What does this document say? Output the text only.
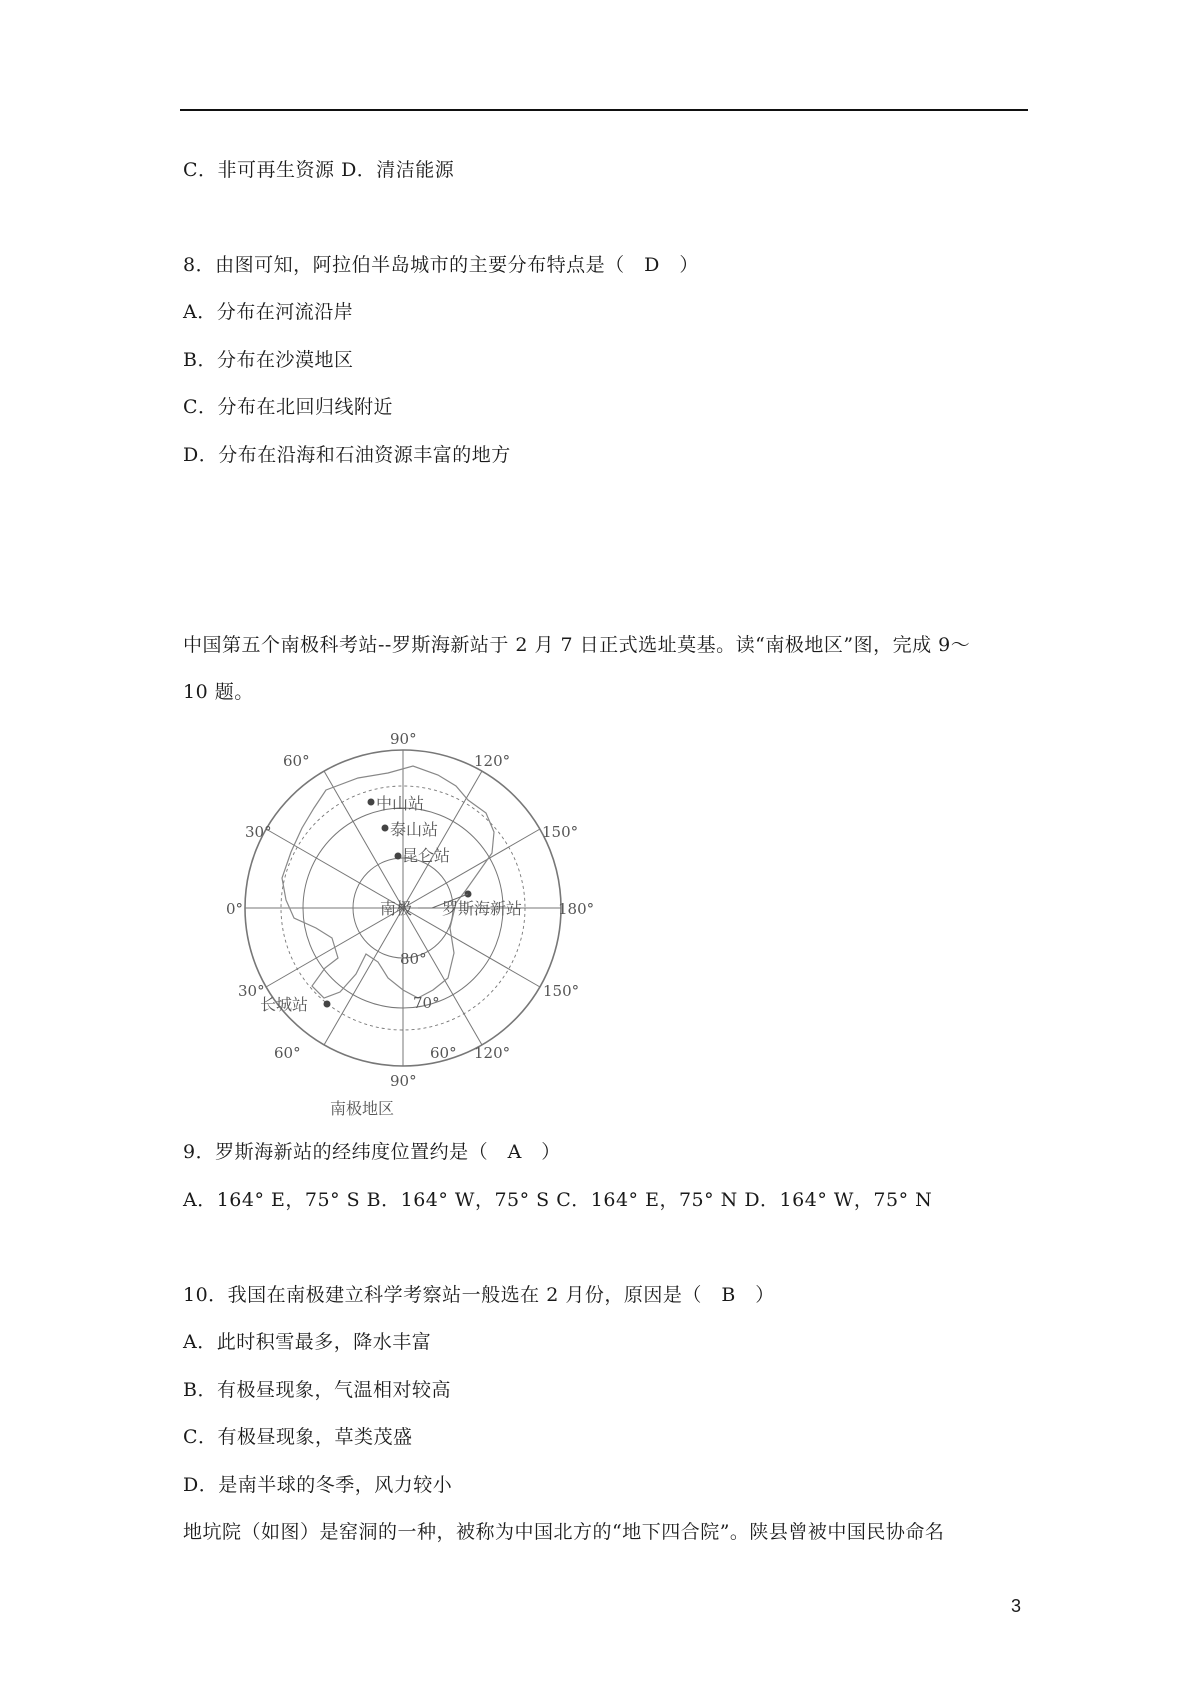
C．非可再生资源 D．清洁能源
8．由图可知，阿拉伯半岛城市的主要分布特点是（　D　）
A．分布在河流沿岸
B．分布在沙漠地区
C．分布在北回归线附近
D．分布在沿海和石油资源丰富的地方
中国第五个南极科考站--罗斯海新站于 2 月 7 日正式选址莫基。读“南极地区”图，完成 9～
10 题。
90°
60°	120°
30°	150°
0°	180°
30°	150°
60°	60° 120°
90°
80°
70°
中山站
泰山站
昆仑站
南极 罗斯海新站
长城站
南极地区
9．罗斯海新站的经纬度位置约是（　A　）
A．164° E，75° S B．164° W，75° S C．164° E，75° N D．164° W，75° N
10．我国在南极建立科学考察站一般选在 2 月份，原因是（　B　）
A．此时积雪最多，降水丰富
B．有极昼现象，气温相对较高
C．有极昼现象，草类茂盛
D．是南半球的冬季，风力较小
地坑院（如图）是窑洞的一种，被称为中国北方的“地下四合院”。陕县曾被中国民协命名
3
